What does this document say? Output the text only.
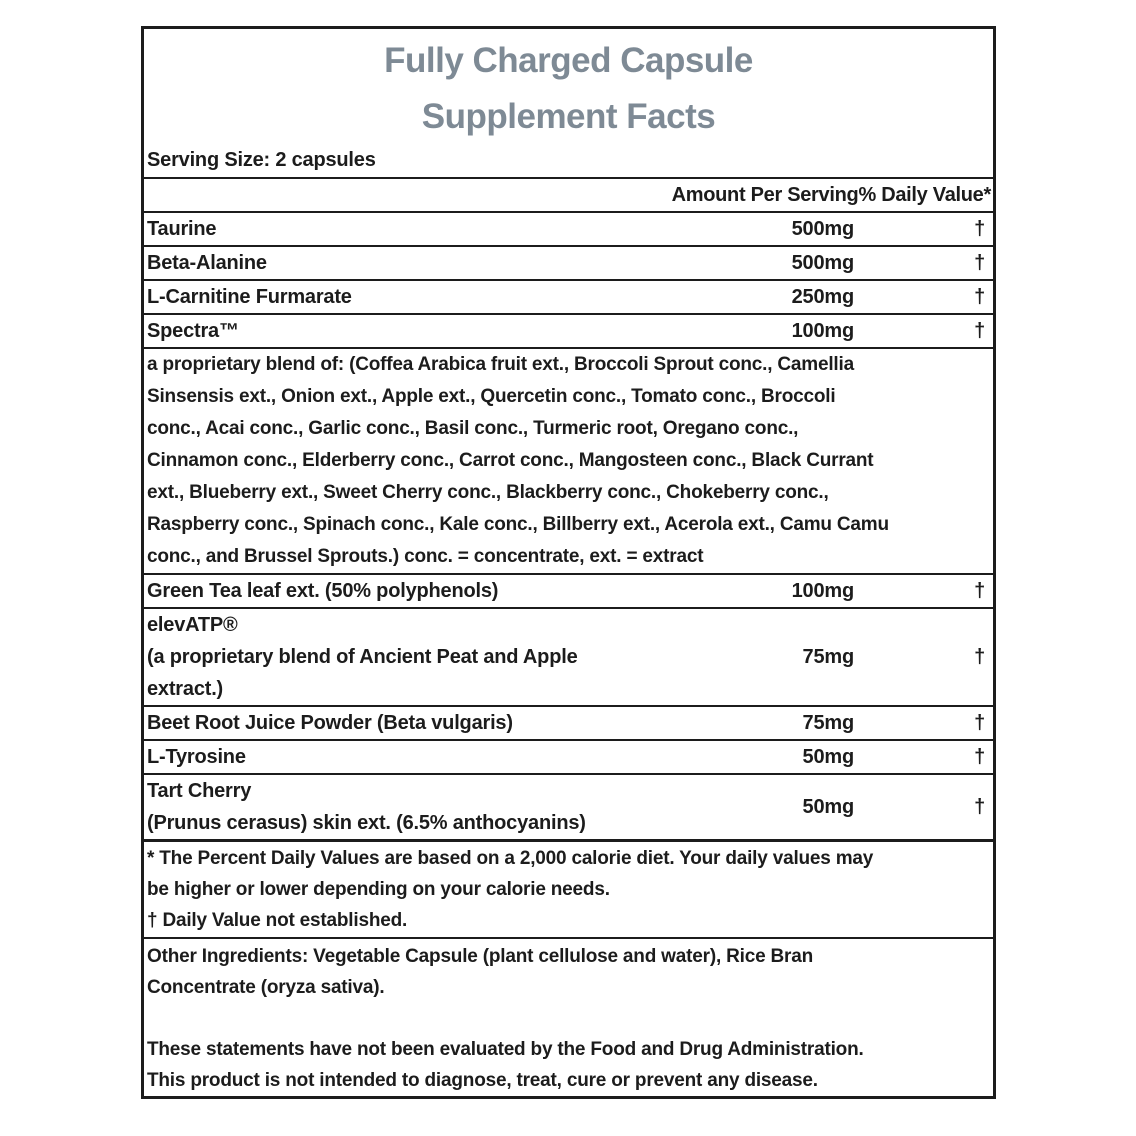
Fully Charged Capsule
Supplement Facts
Serving Size: 2 capsules
Amount Per Serving % Daily Value*
Taurine	500mg	†
Beta-Alanine	500mg	†
L-Carnitine Furmarate	250mg	†
Spectra™	100mg	†
a proprietary blend of: (Coffea Arabica fruit ext., Broccoli Sprout conc., Camellia
Sinsensis ext., Onion ext., Apple ext., Quercetin conc., Tomato conc., Broccoli
conc., Acai conc., Garlic conc., Basil conc., Turmeric root, Oregano conc.,
Cinnamon conc., Elderberry conc., Carrot conc., Mangosteen conc., Black Currant
ext., Blueberry ext., Sweet Cherry conc., Blackberry conc., Chokeberry conc.,
Raspberry conc., Spinach conc., Kale conc., Billberry ext., Acerola ext., Camu Camu
conc., and Brussel Sprouts.) conc. = concentrate, ext. = extract
Green Tea leaf ext. (50% polyphenols)	100mg	†
elevATP®
(a proprietary blend of Ancient Peat and Apple
extract.)
75mg	†
Beet Root Juice Powder (Beta vulgaris)	75mg	†
L-Tyrosine	50mg	†
Tart Cherry
(Prunus cerasus) skin ext. (6.5% anthocyanins)
50mg	†
* The Percent Daily Values are based on a 2,000 calorie diet. Your daily values may
be higher or lower depending on your calorie needs.
† Daily Value not established.
Other Ingredients: Vegetable Capsule (plant cellulose and water), Rice Bran
Concentrate (oryza sativa).
These statements have not been evaluated by the Food and Drug Administration.
This product is not intended to diagnose, treat, cure or prevent any disease.
